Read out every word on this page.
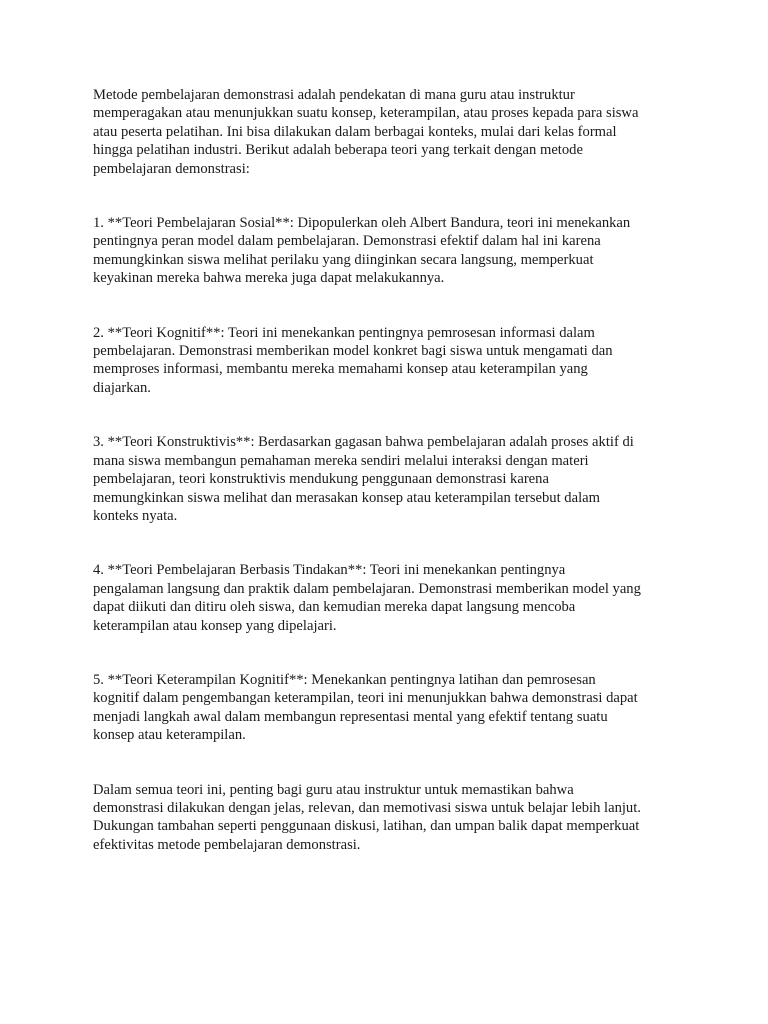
Metode pembelajaran demonstrasi adalah pendekatan di mana guru atau instruktur
memperagakan atau menunjukkan suatu konsep, keterampilan, atau proses kepada para siswa
atau peserta pelatihan. Ini bisa dilakukan dalam berbagai konteks, mulai dari kelas formal
hingga pelatihan industri. Berikut adalah beberapa teori yang terkait dengan metode
pembelajaran demonstrasi:

1. **Teori Pembelajaran Sosial**: Dipopulerkan oleh Albert Bandura, teori ini menekankan
pentingnya peran model dalam pembelajaran. Demonstrasi efektif dalam hal ini karena
memungkinkan siswa melihat perilaku yang diinginkan secara langsung, memperkuat
keyakinan mereka bahwa mereka juga dapat melakukannya.

2. **Teori Kognitif**: Teori ini menekankan pentingnya pemrosesan informasi dalam
pembelajaran. Demonstrasi memberikan model konkret bagi siswa untuk mengamati dan
memproses informasi, membantu mereka memahami konsep atau keterampilan yang
diajarkan.

3. **Teori Konstruktivis**: Berdasarkan gagasan bahwa pembelajaran adalah proses aktif di
mana siswa membangun pemahaman mereka sendiri melalui interaksi dengan materi
pembelajaran, teori konstruktivis mendukung penggunaan demonstrasi karena
memungkinkan siswa melihat dan merasakan konsep atau keterampilan tersebut dalam
konteks nyata.

4. **Teori Pembelajaran Berbasis Tindakan**: Teori ini menekankan pentingnya
pengalaman langsung dan praktik dalam pembelajaran. Demonstrasi memberikan model yang
dapat diikuti dan ditiru oleh siswa, dan kemudian mereka dapat langsung mencoba
keterampilan atau konsep yang dipelajari.

5. **Teori Keterampilan Kognitif**: Menekankan pentingnya latihan dan pemrosesan
kognitif dalam pengembangan keterampilan, teori ini menunjukkan bahwa demonstrasi dapat
menjadi langkah awal dalam membangun representasi mental yang efektif tentang suatu
konsep atau keterampilan.

Dalam semua teori ini, penting bagi guru atau instruktur untuk memastikan bahwa
demonstrasi dilakukan dengan jelas, relevan, dan memotivasi siswa untuk belajar lebih lanjut.
Dukungan tambahan seperti penggunaan diskusi, latihan, dan umpan balik dapat memperkuat
efektivitas metode pembelajaran demonstrasi.
